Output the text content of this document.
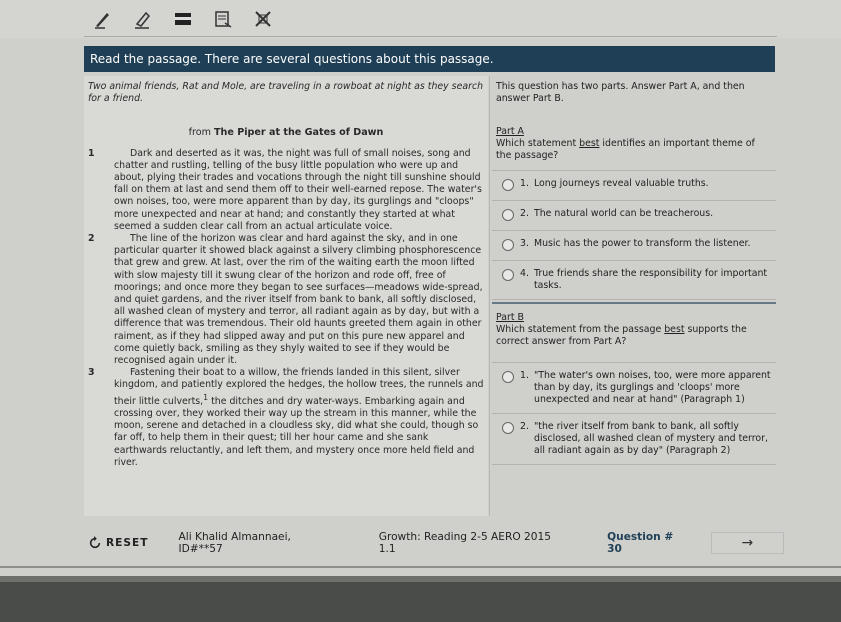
Read the passage. There are several questions about this passage.

Two animal friends, Rat and Mole, are traveling in a rowboat at night as they search for a friend.

from The Piper at the Gates of Dawn

1	Dark and deserted as it was, the night was full of small noises, song and chatter and rustling, telling of the busy little population who were up and about, plying their trades and vocations through the night till sunshine should fall on them at last and send them off to their well-earned repose. The water's own noises, too, were more apparent than by day, its gurglings and "cloops" more unexpected and near at hand; and constantly they started at what seemed a sudden clear call from an actual articulate voice.
2	The line of the horizon was clear and hard against the sky, and in one particular quarter it showed black against a silvery climbing phosphorescence that grew and grew. At last, over the rim of the waiting earth the moon lifted with slow majesty till it swung clear of the horizon and rode off, free of moorings; and once more they began to see surfaces—meadows wide-spread, and quiet gardens, and the river itself from bank to bank, all softly disclosed, all washed clean of mystery and terror, all radiant again as by day, but with a difference that was tremendous. Their old haunts greeted them again in other raiment, as if they had slipped away and put on this pure new apparel and come quietly back, smiling as they shyly waited to see if they would be recognised again under it.
3	Fastening their boat to a willow, the friends landed in this silent, silver kingdom, and patiently explored the hedges, the hollow trees, the runnels and their little culverts,$^1$ the ditches and dry water-ways. Embarking again and crossing over, they worked their way up the stream in this manner, while the moon, serene and detached in a cloudless sky, did what she could, though so far off, to help them in their quest; till her hour came and she sank earthwards reluctantly, and left them, and mystery once more held field and river.

This question has two parts. Answer Part A, and then answer Part B.

Part A

Which statement best identifies an important theme of the passage?

1. Long journeys reveal valuable truths.
2. The natural world can be treacherous.
3. Music has the power to transform the listener.
4. True friends share the responsibility for important tasks.
Part B

Which statement from the passage best supports the correct answer from Part A?

1. "The water's own noises, too, were more apparent than by day, its gurglings and 'cloops' more unexpected and near at hand" (Paragraph 1)
2. "the river itself from bank to bank, all softly disclosed, all washed clean of mystery and terror, all radiant again as by day" (Paragraph 2)
RESET	Ali Khalid Almannaei, ID#**57
Growth: Reading 2-5 AERO 2015 1.1
Question # 30	→
